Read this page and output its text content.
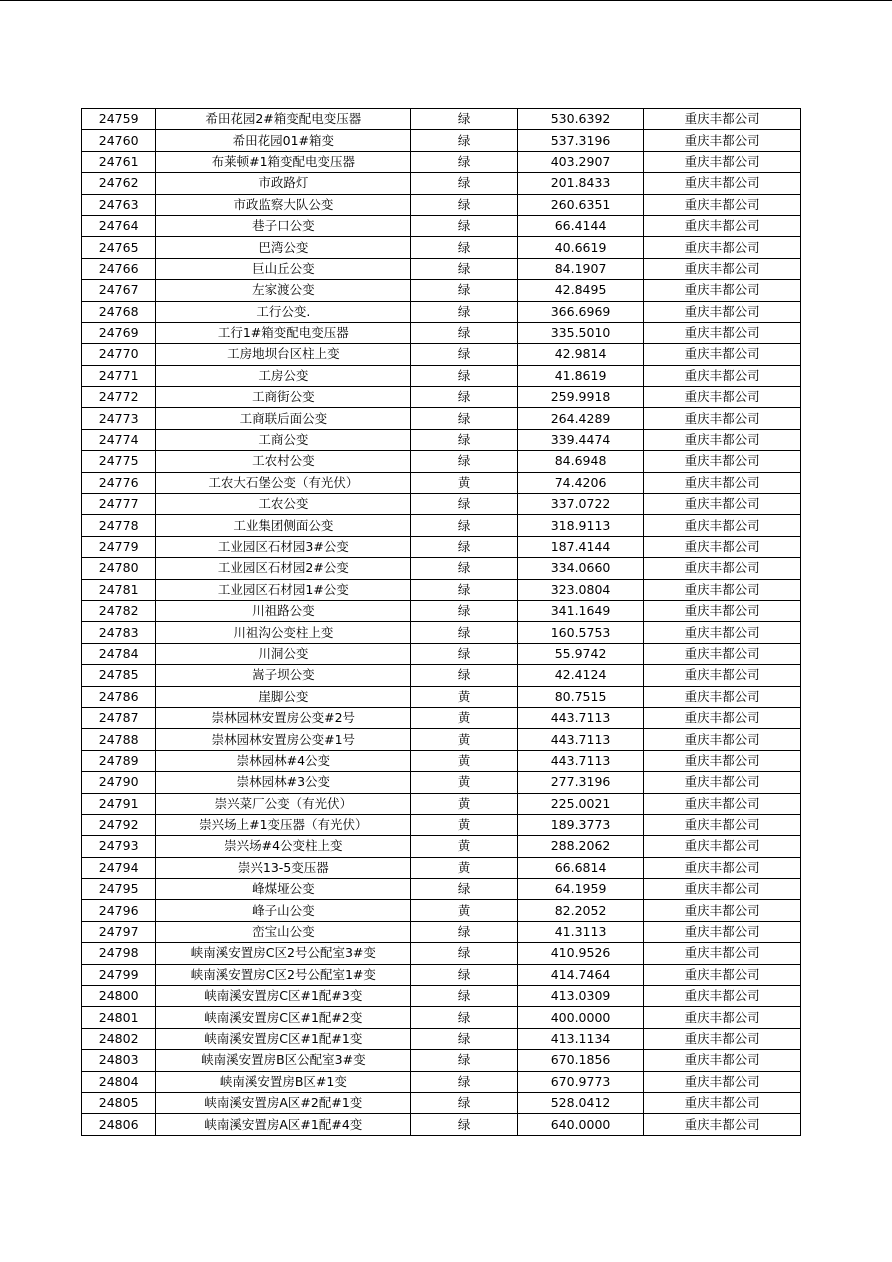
24759	希田花园2#箱变配电变压器	绿	530.6392	重庆丰都公司
24760	希田花园01#箱变	绿	537.3196	重庆丰都公司
24761	布莱顿#1箱变配电变压器	绿	403.2907	重庆丰都公司
24762	市政路灯	绿	201.8433	重庆丰都公司
24763	市政监察大队公变	绿	260.6351	重庆丰都公司
24764	巷子口公变	绿	66.4144	重庆丰都公司
24765	巴湾公变	绿	40.6619	重庆丰都公司
24766	巨山丘公变	绿	84.1907	重庆丰都公司
24767	左家渡公变	绿	42.8495	重庆丰都公司
24768	工行公变.	绿	366.6969	重庆丰都公司
24769	工行1#箱变配电变压器	绿	335.5010	重庆丰都公司
24770	工房地坝台区柱上变	绿	42.9814	重庆丰都公司
24771	工房公变	绿	41.8619	重庆丰都公司
24772	工商街公变	绿	259.9918	重庆丰都公司
24773	工商联后面公变	绿	264.4289	重庆丰都公司
24774	工商公变	绿	339.4474	重庆丰都公司
24775	工农村公变	绿	84.6948	重庆丰都公司
24776	工农大石堡公变（有光伏）	黄	74.4206	重庆丰都公司
24777	工农公变	绿	337.0722	重庆丰都公司
24778	工业集团侧面公变	绿	318.9113	重庆丰都公司
24779	工业园区石材园3#公变	绿	187.4144	重庆丰都公司
24780	工业园区石材园2#公变	绿	334.0660	重庆丰都公司
24781	工业园区石材园1#公变	绿	323.0804	重庆丰都公司
24782	川祖路公变	绿	341.1649	重庆丰都公司
24783	川祖沟公变柱上变	绿	160.5753	重庆丰都公司
24784	川洞公变	绿	55.9742	重庆丰都公司
24785	嵩子坝公变	绿	42.4124	重庆丰都公司
24786	崖脚公变	黄	80.7515	重庆丰都公司
24787	崇林园林安置房公变#2号	黄	443.7113	重庆丰都公司
24788	崇林园林安置房公变#1号	黄	443.7113	重庆丰都公司
24789	崇林园林#4公变	黄	443.7113	重庆丰都公司
24790	崇林园林#3公变	黄	277.3196	重庆丰都公司
24791	崇兴菜厂公变（有光伏）	黄	225.0021	重庆丰都公司
24792	崇兴场上#1变压器（有光伏）	黄	189.3773	重庆丰都公司
24793	崇兴场#4公变柱上变	黄	288.2062	重庆丰都公司
24794	崇兴13-5变压器	黄	66.6814	重庆丰都公司
24795	峰煤垭公变	绿	64.1959	重庆丰都公司
24796	峰子山公变	黄	82.2052	重庆丰都公司
24797	峦宝山公变	绿	41.3113	重庆丰都公司
24798	峡南溪安置房C区2号公配室3#变	绿	410.9526	重庆丰都公司
24799	峡南溪安置房C区2号公配室1#变	绿	414.7464	重庆丰都公司
24800	峡南溪安置房C区#1配#3变	绿	413.0309	重庆丰都公司
24801	峡南溪安置房C区#1配#2变	绿	400.0000	重庆丰都公司
24802	峡南溪安置房C区#1配#1变	绿	413.1134	重庆丰都公司
24803	峡南溪安置房B区公配室3#变	绿	670.1856	重庆丰都公司
24804	峡南溪安置房B区#1变	绿	670.9773	重庆丰都公司
24805	峡南溪安置房A区#2配#1变	绿	528.0412	重庆丰都公司
24806	峡南溪安置房A区#1配#4变	绿	640.0000	重庆丰都公司
